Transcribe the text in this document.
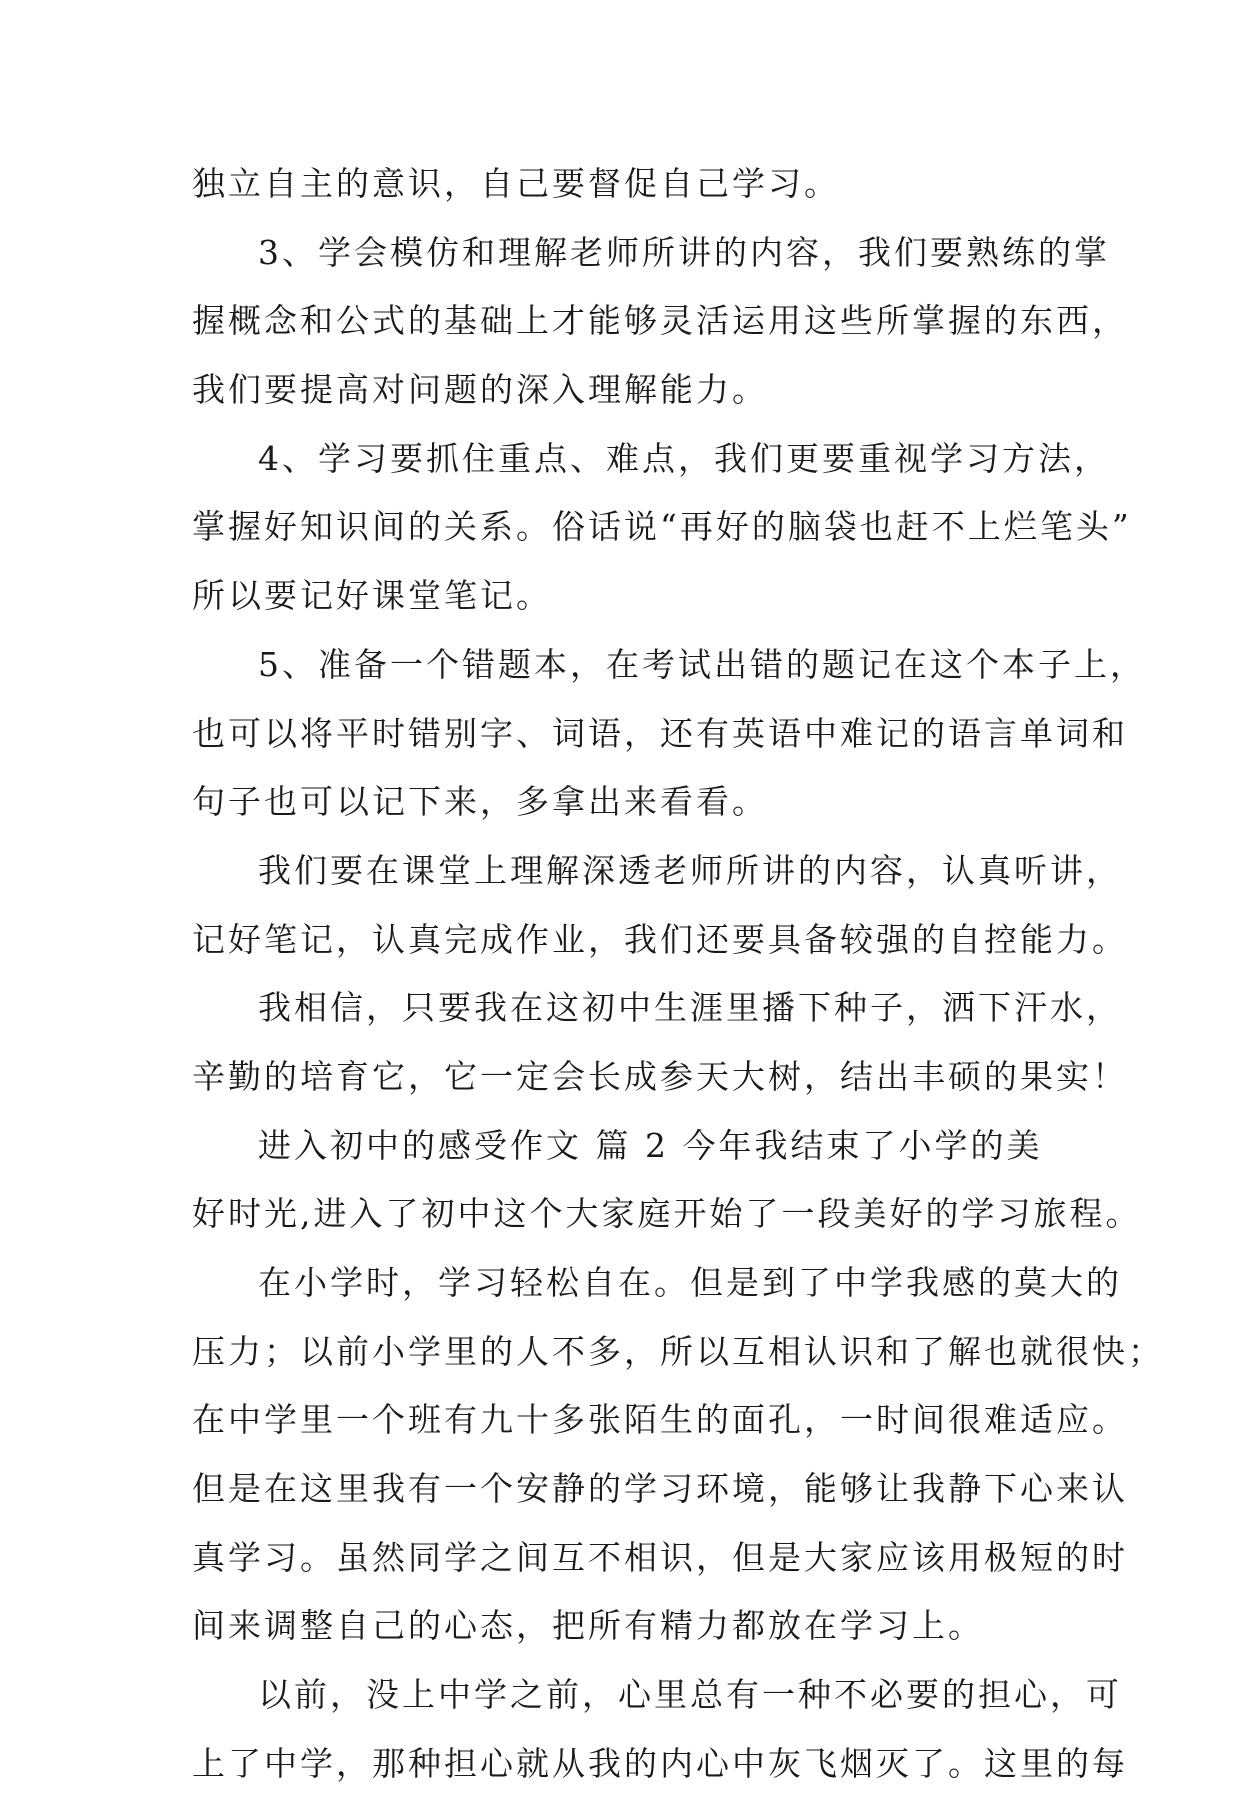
独立自主的意识，自己要督促自己学习。
3、学会模仿和理解老师所讲的内容，我们要熟练的掌
握概念和公式的基础上才能够灵活运用这些所掌握的东西，
我们要提高对问题的深入理解能力。
4、学习要抓住重点、难点，我们更要重视学习方法，
掌握好知识间的关系。俗话说“再好的脑袋也赶不上烂笔头”
所以要记好课堂笔记。
5、准备一个错题本，在考试出错的题记在这个本子上，
也可以将平时错别字、词语，还有英语中难记的语言单词和
句子也可以记下来，多拿出来看看。
我们要在课堂上理解深透老师所讲的内容，认真听讲，
记好笔记，认真完成作业，我们还要具备较强的自控能力。
我相信，只要我在这初中生涯里播下种子，洒下汗水，
辛勤的培育它，它一定会长成参天大树，结出丰硕的果实！
进入初中的感受作文 篇 2 今年我结束了小学的美
好时光,进入了初中这个大家庭开始了一段美好的学习旅程。
在小学时，学习轻松自在。但是到了中学我感的莫大的
压力；以前小学里的人不多，所以互相认识和了解也就很快；
在中学里一个班有九十多张陌生的面孔，一时间很难适应。
但是在这里我有一个安静的学习环境，能够让我静下心来认
真学习。虽然同学之间互不相识，但是大家应该用极短的时
间来调整自己的心态，把所有精力都放在学习上。
以前，没上中学之前，心里总有一种不必要的担心，可
上了中学，那种担心就从我的内心中灰飞烟灭了。这里的每
